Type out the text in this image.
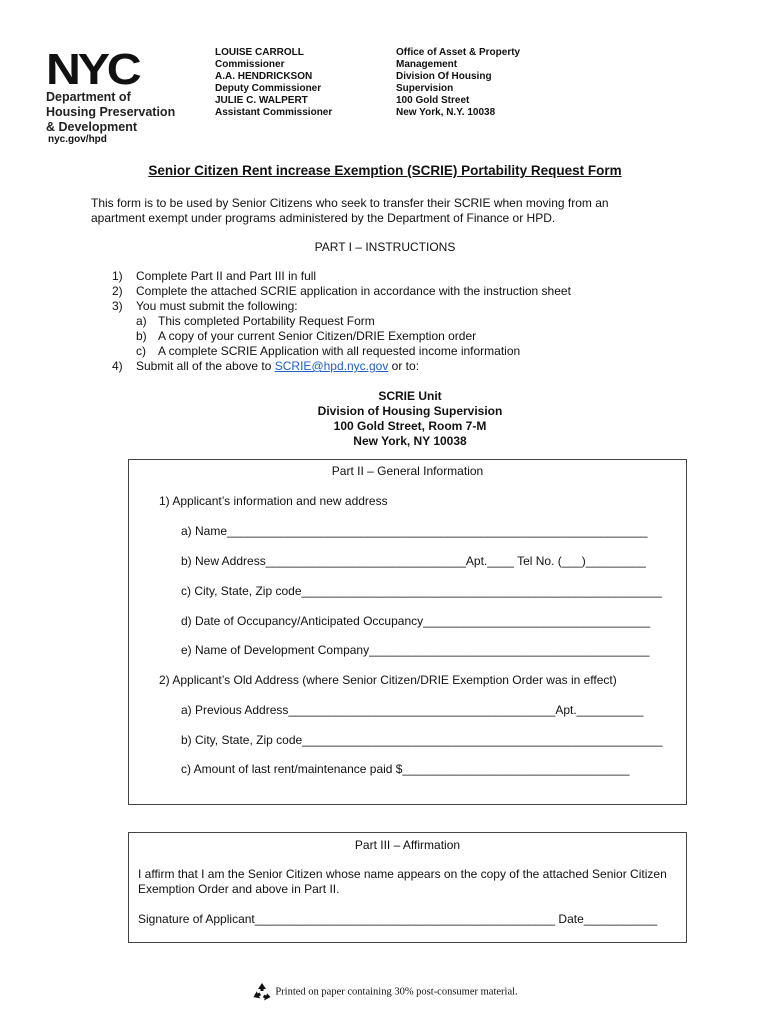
NYC
Department of
Housing Preservation
& Development
nyc.gov/hpd
LOUISE CARROLL
Commissioner
A.A. HENDRICKSON
Deputy Commissioner
JULIE C. WALPERT
Assistant Commissioner
Office of Asset & Property
Management
Division Of Housing
Supervision
100 Gold Street
New York, N.Y. 10038
Senior Citizen Rent increase Exemption (SCRIE) Portability Request Form
This form is to be used by Senior Citizens who seek to transfer their SCRIE when moving from an apartment exempt under programs administered by the Department of Finance or HPD.
PART I – INSTRUCTIONS
1)	Complete Part II and Part III in full
2)	Complete the attached SCRIE application in accordance with the instruction sheet
3)	You must submit the following:
a) This completed Portability Request Form
b) A copy of your current Senior Citizen/DRIE Exemption order
c)	A complete SCRIE Application with all requested income information
4)	Submit all of the above to SCRIE@hpd.nyc.gov or to:
SCRIE Unit
Division of Housing Supervision
100 Gold Street, Room 7-M
New York, NY 10038
Part II – General Information
1) Applicant’s information and new address
a) Name_______________________________________________________________
b) New Address______________________________Apt.____ Tel No. (___)_________
c) City, State, Zip code______________________________________________________
d) Date of Occupancy/Anticipated Occupancy__________________________________
e) Name of Development Company__________________________________________
2) Applicant’s Old Address (where Senior Citizen/DRIE Exemption Order was in effect)
a) Previous Address________________________________________Apt.__________
b) City, State, Zip code______________________________________________________
c) Amount of last rent/maintenance paid $__________________________________
Part III – Affirmation
I affirm that I am the Senior Citizen whose name appears on the copy of the attached Senior Citizen Exemption Order and above in Part II.
Signature of Applicant_____________________________________________ Date___________
Printed on paper containing 30% post-consumer material.
